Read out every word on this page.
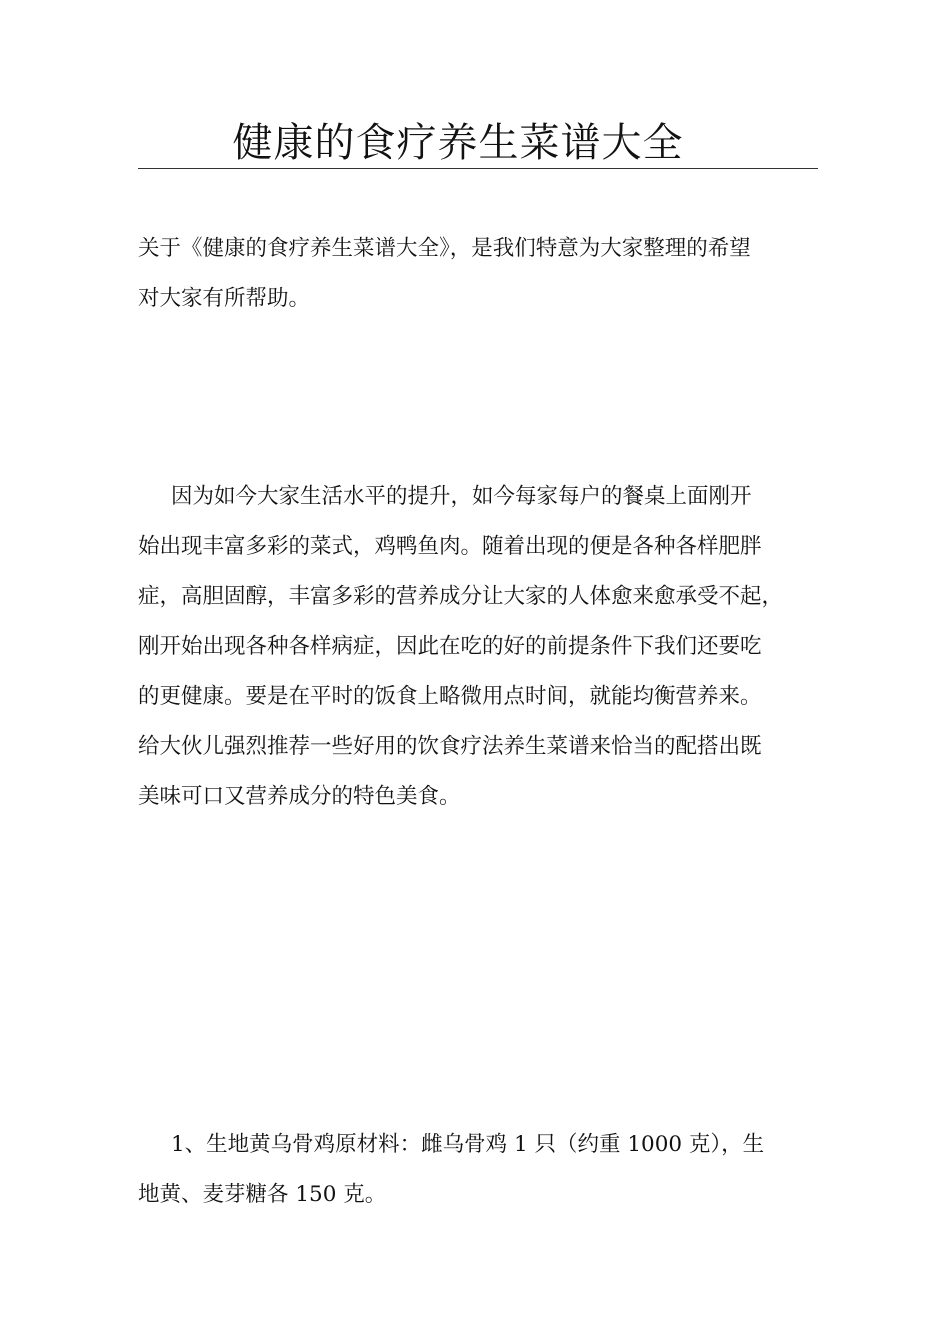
健康的食疗养生菜谱大全
关于《健康的食疗养生菜谱大全》，是我们特意为大家整理的希望
对大家有所帮助。
因为如今大家生活水平的提升，如今每家每户的餐桌上面刚开
始出现丰富多彩的菜式，鸡鸭鱼肉。随着出现的便是各种各样肥胖
症，高胆固醇，丰富多彩的营养成分让大家的人体愈来愈承受不起，
刚开始出现各种各样病症，因此在吃的好的前提条件下我们还要吃
的更健康。要是在平时的饭食上略微用点时间，就能均衡营养来。
给大伙儿强烈推荐一些好用的饮食疗法养生菜谱来恰当的配搭出既
美味可口又营养成分的特色美食。
1、生地黄乌骨鸡原材料：雌乌骨鸡 1 只（约重 1000 克），生
地黄、麦芽糖各 150 克。
